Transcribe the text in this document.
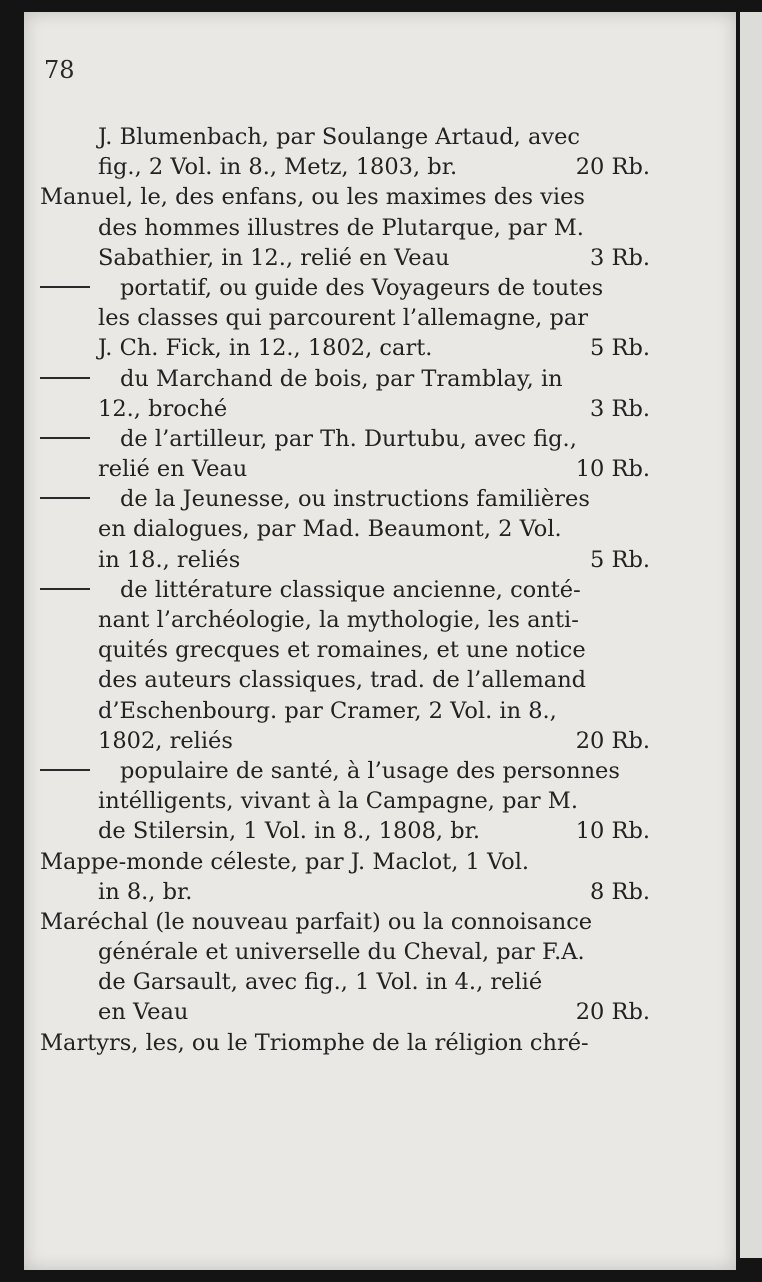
78
J. Blumenbach, par Soulange Artaud, avec
fig., 2 Vol. in 8., Metz, 1803, br.	20 Rb.
Manuel, le, des enfans, ou les maximes des vies
des hommes illustres de Plutarque, par M.
Sabathier, in 12., relié en Veau	3 Rb.
portatif, ou guide des Voyageurs de toutes
les classes qui parcourent l’allemagne, par
J. Ch. Fick, in 12., 1802, cart.	5 Rb.
du Marchand de bois, par Tramblay, in
12., broché	3 Rb.
de l’artilleur, par Th. Durtubu, avec fig.,
relié en Veau	10 Rb.
de la Jeunesse, ou instructions familières
en dialogues, par Mad. Beaumont, 2 Vol.
in 18., reliés	5 Rb.
de littérature classique ancienne, conté-
nant l’archéologie, la mythologie, les anti-
quités grecques et romaines, et une notice
des auteurs classiques, trad. de l’allemand
d’Eschenbourg. par Cramer, 2 Vol. in 8.,
1802, reliés	20 Rb.
populaire de santé, à l’usage des personnes
intélligents, vivant à la Campagne, par M.
de Stilersin, 1 Vol. in 8., 1808, br.	10 Rb.
Mappe-monde céleste, par J. Maclot, 1 Vol.
in 8., br.	8 Rb.
Maréchal (le nouveau parfait) ou la connoisance
générale et universelle du Cheval, par F.A.
de Garsault, avec fig., 1 Vol. in 4., relié
en Veau	20 Rb.
Martyrs, les, ou le Triomphe de la réligion chré-
